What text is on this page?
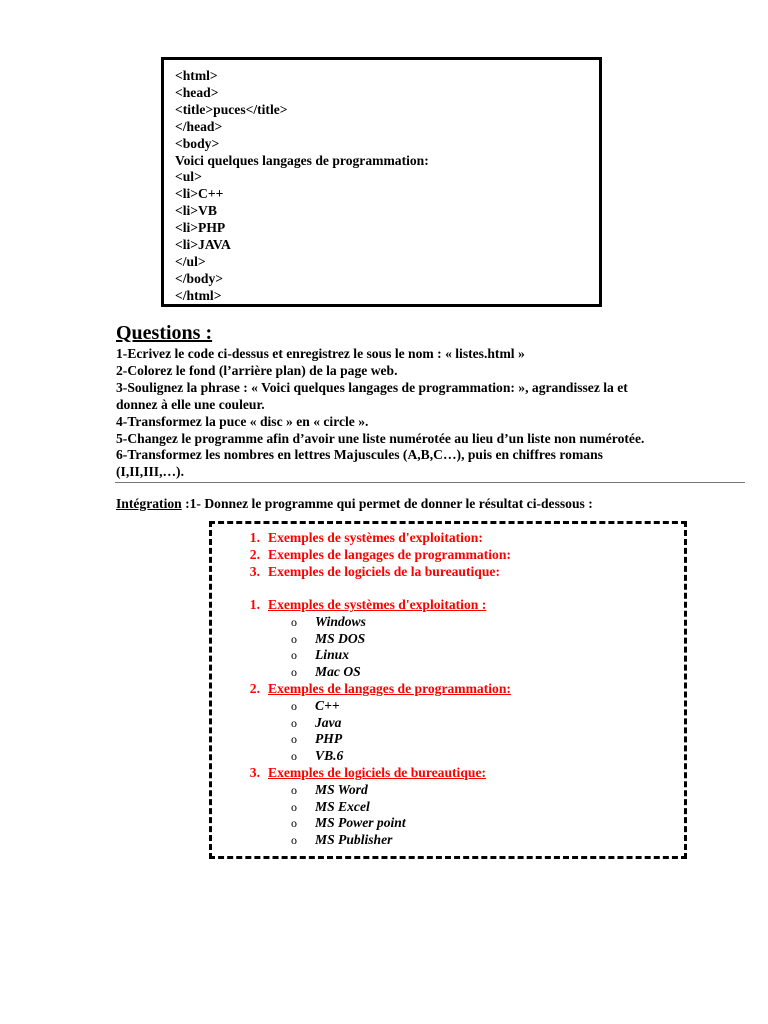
<html>
<head>
<title>puces</title>
</head>
<body>
Voici quelques langages de programmation:
<ul>
<li>C++
<li>VB
<li>PHP
<li>JAVA
</ul>
</body>
</html>
Questions :
1-Ecrivez le code ci-dessus et enregistrez le sous le nom : « listes.html »
2-Colorez le fond (l’arrière plan) de la page web.
3-Soulignez la phrase : « Voici quelques langages de programmation: », agrandissez la et
donnez à elle une couleur.
4-Transformez la puce « disc » en « circle ».
5-Changez le programme afin d’avoir une liste numérotée au lieu d’un liste non numérotée.
6-Transformez les nombres en lettres Majuscules (A,B,C…), puis en chiffres romans
(I,II,III,…).
Intégration :1- Donnez le programme qui permet de donner le résultat ci-dessous :
1. Exemples de systèmes d'exploitation:
2. Exemples de langages de programmation:
3. Exemples de logiciels de la bureautique:
1. Exemples de systèmes d'exploitation :
o Windows
o MS DOS
o Linux
o Mac OS
2. Exemples de langages de programmation:
o C++
o Java
o PHP
o VB.6
3. Exemples de logiciels de bureautique:
o MS Word
o MS Excel
o MS Power point
o MS Publisher
